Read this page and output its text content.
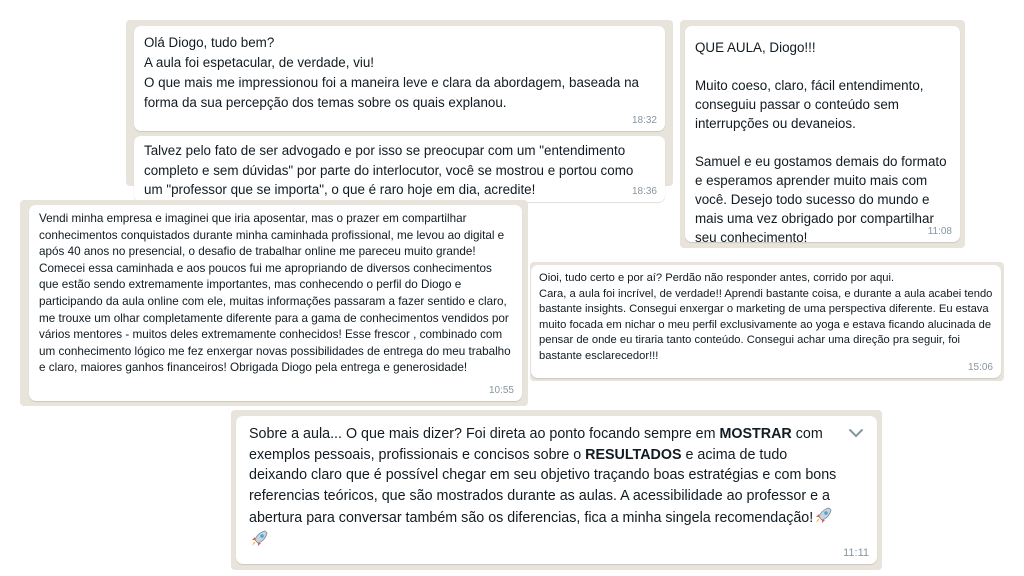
Olá Diogo, tudo bem?
A aula foi espetacular, de verdade, viu!
O que mais me impressionou foi a maneira leve e clara da abordagem, baseada na forma da sua percepção dos temas sobre os quais explanou.

18:32

Talvez pelo fato de ser advogado e por isso se preocupar com um "entendimento completo e sem dúvidas" por parte do interlocutor, você se mostrou e portou como um "professor que se importa", o que é raro hoje em dia, acredite!	18:36

QUE AULA, Diogo!!!

Muito coeso, claro, fácil entendimento, conseguiu passar o conteúdo sem interrupções ou devaneios.

Samuel e eu gostamos demais do formato e esperamos aprender muito mais com você. Desejo todo sucesso do mundo e mais uma vez obrigado por compartilhar seu conhecimento!	11:08

Vendi minha empresa e imaginei que iria aposentar, mas o prazer em compartilhar conhecimentos conquistados durante minha caminhada profissional, me levou ao digital e após 40 anos no presencial, o desafio de trabalhar online me pareceu muito grande! Comecei essa caminhada e aos poucos fui me apropriando de diversos conhecimentos que estão sendo extremamente importantes, mas conhecendo o perfil do Diogo e participando da aula online com ele, muitas informações passaram a fazer sentido e claro, me trouxe um olhar completamente diferente para a gama de conhecimentos vendidos por vários mentores - muitos deles extremamente conhecidos! Esse frescor , combinado com um conhecimento lógico me fez enxergar novas possibilidades de entrega do meu trabalho e claro, maiores ganhos financeiros! Obrigada Diogo pela entrega e generosidade!

10:55

Oioi, tudo certo e por aí? Perdão não responder antes, corrido por aqui.
Cara, a aula foi incrível, de verdade!! Aprendi bastante coisa, e durante a aula acabei tendo bastante insights. Consegui enxergar o marketing de uma perspectiva diferente. Eu estava muito focada em nichar o meu perfil exclusivamente ao yoga e estava ficando alucinada de pensar de onde eu tiraria tanto conteúdo. Consegui achar uma direção pra seguir, foi bastante esclarecedor!!!

15:06

Sobre a aula... O que mais dizer? Foi direta ao ponto focando sempre em MOSTRAR com exemplos pessoais, profissionais e concisos sobre o RESULTADOS e acima de tudo deixando claro que é possível chegar em seu objetivo traçando boas estratégias e com bons referencias teóricos, que são mostrados durante as aulas. A acessibilidade ao professor e a abertura para conversar também são os diferencias, fica a minha singela recomendação!

11:11
